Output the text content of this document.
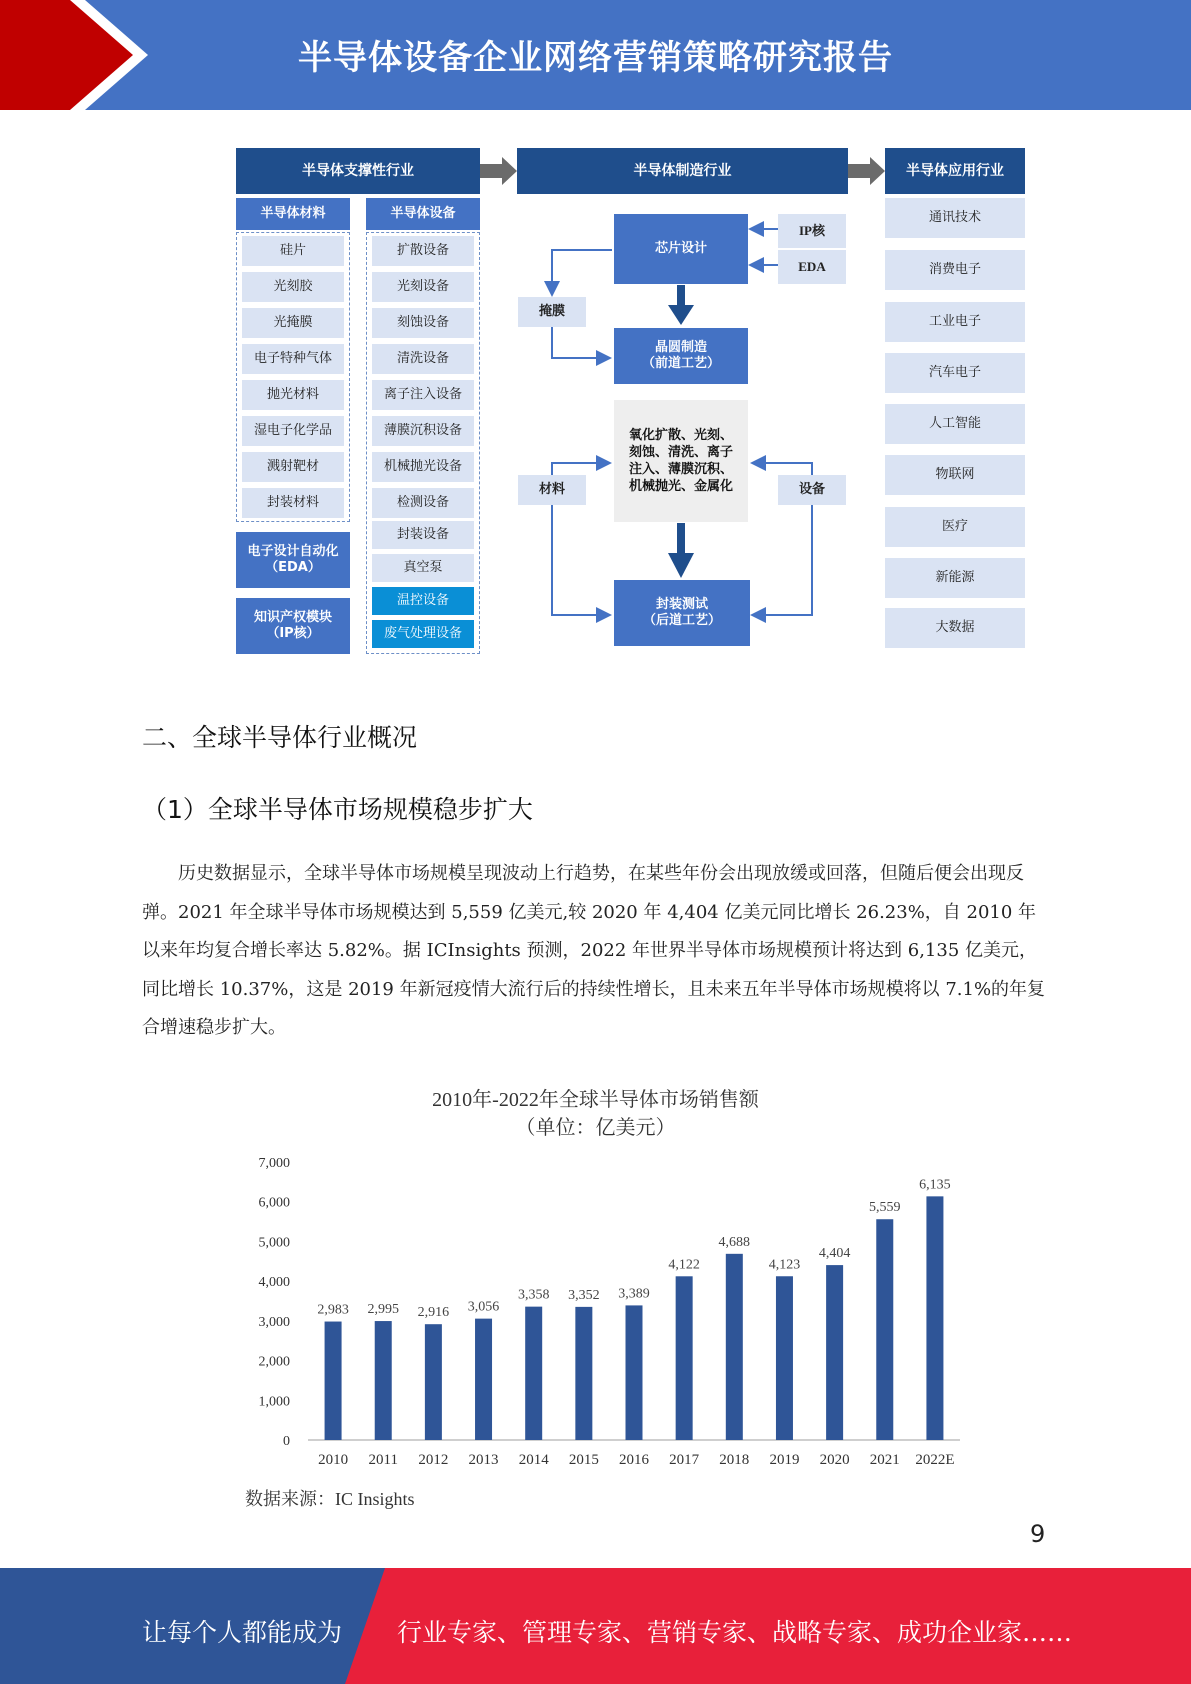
半导体设备企业网络营销策略研究报告
半导体支撑性行业
半导体材料
硅片
光刻胶
光掩膜
电子特种气体
抛光材料
湿电子化学品
溅射靶材
封装材料
电子设计自动化
（EDA）
知识产权模块
（IP核）
半导体设备
扩散设备
光刻设备
刻蚀设备
清洗设备
离子注入设备
薄膜沉积设备
机械抛光设备
检测设备
封装设备
真空泵
温控设备
废气处理设备
半导体制造行业
芯片设计
IP核
EDA
掩膜
晶圆制造
（前道工艺）
氧化扩散、光刻、
刻蚀、清洗、离子
注入、薄膜沉积、
机械抛光、金属化
材料	设备
封装测试
（后道工艺）
半导体应用行业
通讯技术
消费电子
工业电子
汽车电子
人工智能
物联网
医疗
新能源
大数据
二、全球半导体行业概况
（1）全球半导体市场规模稳步扩大
历史数据显示，全球半导体市场规模呈现波动上行趋势，在某些年份会出现放缓或回落，但随后便会出现反弹。2021 年全球半导体市场规模达到 5,559 亿美元,较 2020 年 4,404 亿美元同比增长 26.23%，自 2010 年以来年均复合增长率达 5.82%。据 ICInsights 预测，2022 年世界半导体市场规模预计将达到 6,135 亿美元，同比增长 10.37%，这是 2019 年新冠疫情大流行后的持续性增长，且未来五年半导体市场规模将以 7.1%的年复合增速稳步扩大。
2010年-2022年全球半导体市场销售额
（单位：亿美元）
0
1,000
2,000
3,000
4,000
5,000
6,000
7,000
2,983
2010
2,995
2011
2,916
2012
3,056
2013
3,358
2014
3,352
2015
3,389
2016
4,122
2017
4,688
2018
4,123
2019
4,404
2020
5,559
2021
6,135
2022E
数据来源：IC Insights
9
让每个人都能成为 行业专家、管理专家、营销专家、战略专家、成功企业家……
